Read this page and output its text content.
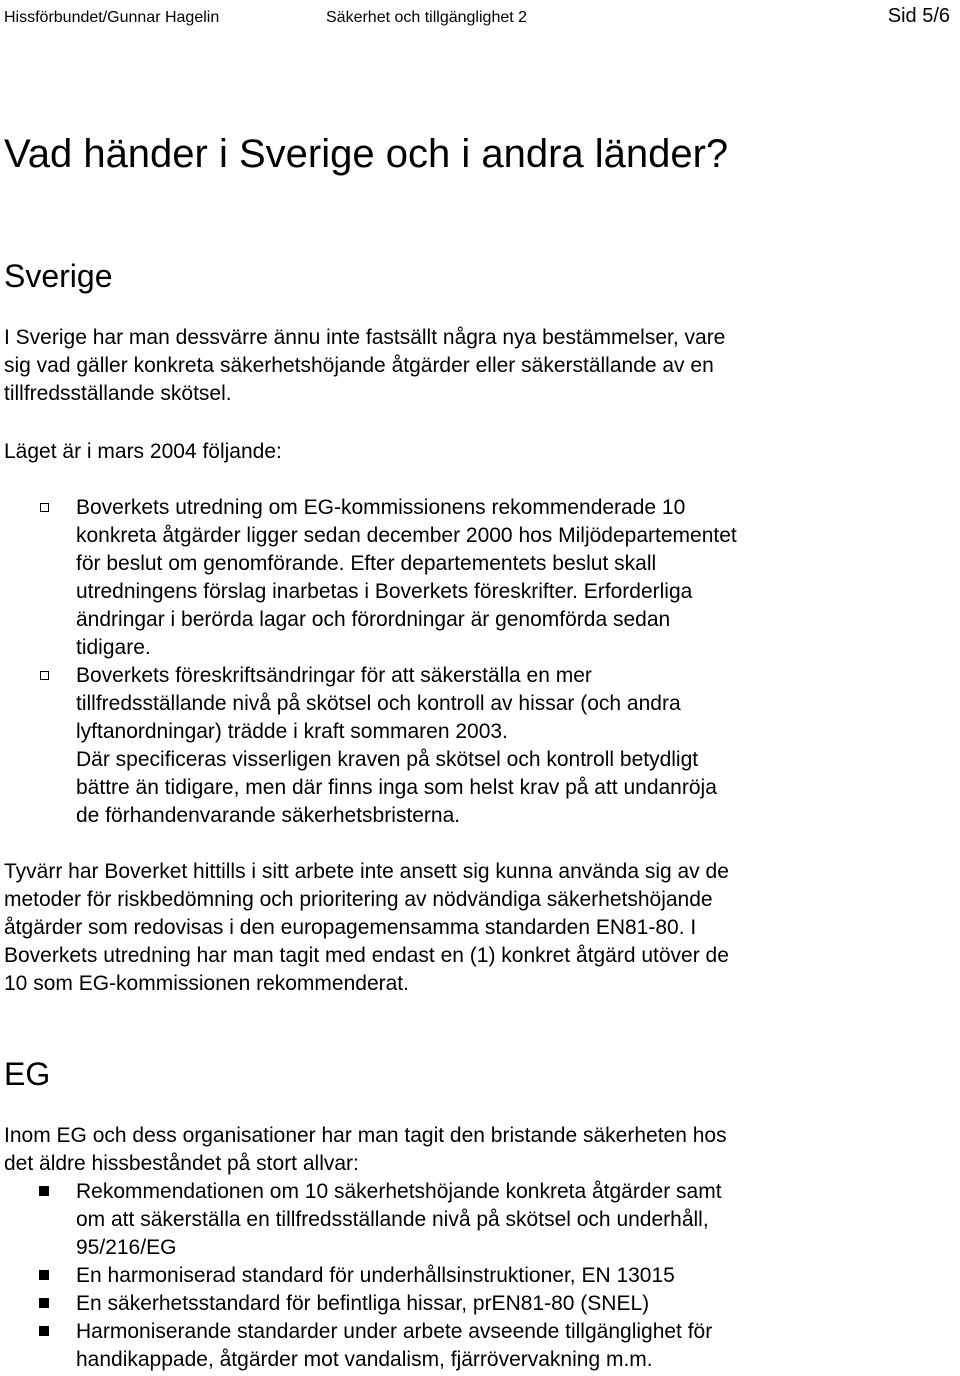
Hissförbundet/Gunnar Hagelin	Säkerhet och tillgänglighet 2	Sid 5/6
Vad händer i Sverige och i andra länder?
Sverige

I Sverige har man dessvärre ännu inte fastsällt några nya bestämmelser, vare
sig vad gäller konkreta säkerhetshöjande åtgärder eller säkerställande av en
tillfredsställande skötsel.

Läget är i mars 2004 följande:

Boverkets utredning om EG-kommissionens rekommenderade 10
konkreta åtgärder ligger sedan december 2000 hos Miljödepartementet
för beslut om genomförande. Efter departementets beslut skall
utredningens förslag inarbetas i Boverkets föreskrifter. Erforderliga
ändringar i berörda lagar och förordningar är genomförda sedan
tidigare.
Boverkets föreskriftsändringar för att säkerställa en mer
tillfredsställande nivå på skötsel och kontroll av hissar (och andra
lyftanordningar) trädde i kraft sommaren 2003.
Där specificeras visserligen kraven på skötsel och kontroll betydligt
bättre än tidigare, men där finns inga som helst krav på att undanröja
de förhandenvarande säkerhetsbristerna.

Tyvärr har Boverket hittills i sitt arbete inte ansett sig kunna använda sig av de
metoder för riskbedömning och prioritering av nödvändiga säkerhetshöjande
åtgärder som redovisas i den europagemensamma standarden EN81-80. I
Boverkets utredning har man tagit med endast en (1) konkret åtgärd utöver de
10 som EG-kommissionen rekommenderat.

EG

Inom EG och dess organisationer har man tagit den bristande säkerheten hos
det äldre hissbeståndet på stort allvar:

Rekommendationen om 10 säkerhetshöjande konkreta åtgärder samt
om att säkerställa en tillfredsställande nivå på skötsel och underhåll,
95/216/EG
En harmoniserad standard för underhållsinstruktioner, EN 13015
En säkerhetsstandard för befintliga hissar, prEN81-80 (SNEL)
Harmoniserande standarder under arbete avseende tillgänglighet för
handikappade, åtgärder mot vandalism, fjärrövervakning m.m.
